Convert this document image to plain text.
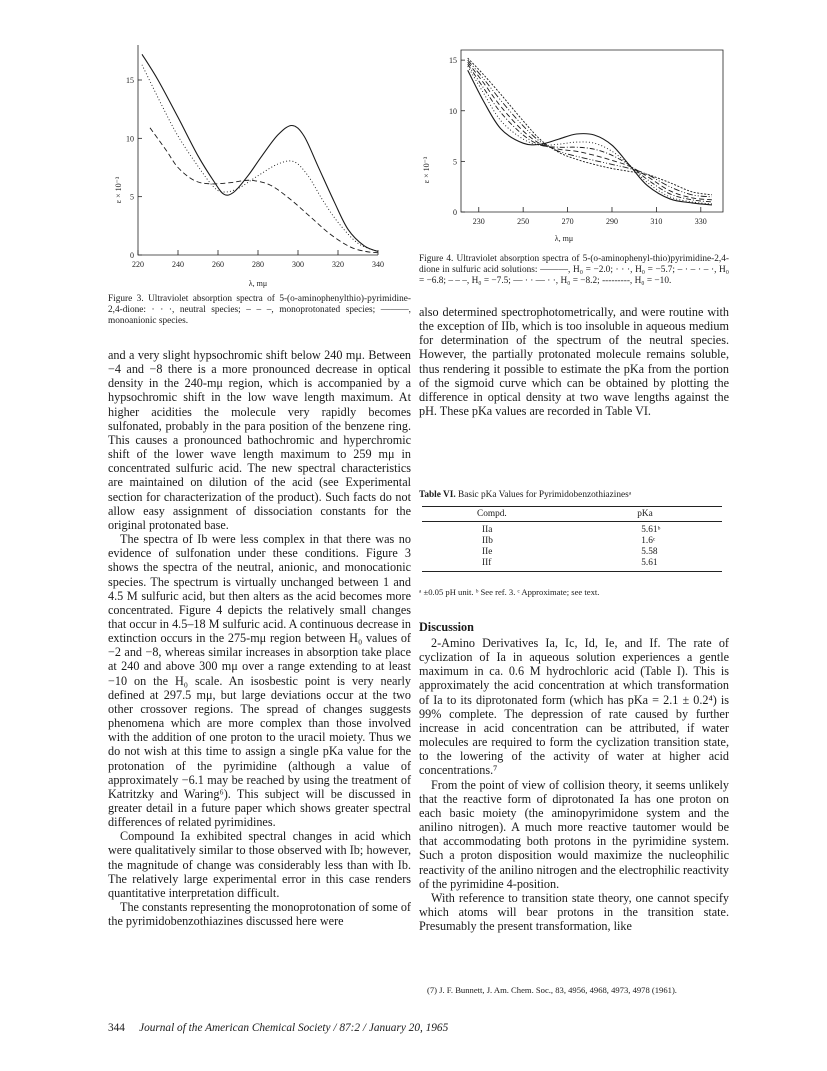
15
10
5
0
220	240	260	280	300	320	340
ε × 10⁻³
λ, mμ
Figure 3. Ultraviolet absorption spectra of 5-(o-aminophenylthio)-pyrimidine-2,4-dione: · · ·, neutral species; – – –, monoprotonated species; ———, monoanionic species.
15
10
5
0
230	250	270	290	310	330
ε × 10⁻³
λ, mμ
Figure 4. Ultraviolet absorption spectra of 5-(o-aminophenyl-thio)pyrimidine-2,4-dione in sulfuric acid solutions: ———, H₀ = −2.0; · · ·, H₀ = −5.7; – · – · – ·, H₀ = −6.8; – – –, H₀ = −7.5; — · · — · ·, H₀ = −8.2; ---------, H₀ = −10.

and a very slight hypsochromic shift below 240 mμ. Between −4 and −8 there is a more pronounced decrease in optical density in the 240-mμ region, which is accompanied by a hypsochromic shift in the low wave length maximum. At higher acidities the molecule very rapidly becomes sulfonated, probably in the para position of the benzene ring. This causes a pronounced bathochromic and hyperchromic shift of the lower wave length maximum to 259 mμ in concentrated sulfuric acid. The new spectral characteristics are maintained on dilution of the acid (see Experimental section for characterization of the product). Such facts do not allow easy assignment of dissociation constants for the original protonated base.

The spectra of Ib were less complex in that there was no evidence of sulfonation under these conditions. Figure 3 shows the spectra of the neutral, anionic, and monocationic species. The spectrum is virtually unchanged between 1 and 4.5 M sulfuric acid, but then alters as the acid becomes more concentrated. Figure 4 depicts the relatively small changes that occur in 4.5–18 M sulfuric acid. A continuous decrease in extinction occurs in the 275-mμ region between H₀ values of −2 and −8, whereas similar increases in absorption take place at 240 and above 300 mμ over a range extending to at least −10 on the H₀ scale. An isosbestic point is very nearly defined at 297.5 mμ, but large deviations occur at the two other crossover regions. The spread of changes suggests phenomena which are more complex than those involved with the addition of one proton to the uracil moiety. Thus we do not wish at this time to assign a single pKa value for the protonation of the pyrimidine (although a value of approximately −6.1 may be reached by using the treatment of Katritzky and Waring⁶). This subject will be discussed in greater detail in a future paper which shows greater spectral differences of related pyrimidines.

Compound Ia exhibited spectral changes in acid which were qualitatively similar to those observed with Ib; however, the magnitude of change was considerably less than with Ib. The relatively large experimental error in this case renders quantitative interpretation difficult.

The constants representing the monoprotonation of some of the pyrimidobenzothiazines discussed here were

also determined spectrophotometrically, and were routine with the exception of IIb, which is too insoluble in aqueous medium for determination of the spectrum of the neutral species. However, the partially protonated molecule remains soluble, thus rendering it possible to estimate the pKa from the portion of the sigmoid curve which can be obtained by plotting the difference in optical density at two wave lengths against the pH. These pKa values are recorded in Table VI.

Table VI. Basic pKa Values for Pyrimidobenzothiazinesᵃ
Compd.	pKa
IIa	5.61ᵇ
IIb	1.6ᶜ
IIe	5.58
IIf	5.61
ᵃ ±0.05 pH unit. ᵇ See ref. 3. ᶜ Approximate; see text.
Discussion

2-Amino Derivatives Ia, Ic, Id, Ie, and If. The rate of cyclization of Ia in aqueous solution experiences a gentle maximum in ca. 0.6 M hydrochloric acid (Table I). This is approximately the acid concentration at which transformation of Ia to its diprotonated form (which has pKa = 2.1 ± 0.2⁴) is 99% complete. The depression of rate caused by further increase in acid concentration can be attributed, if water molecules are required to form the cyclization transition state, to the lowering of the activity of water at higher acid concentrations.⁷

From the point of view of collision theory, it seems unlikely that the reactive form of diprotonated Ia has one proton on each basic moiety (the aminopyrimidone system and the anilino nitrogen). A much more reactive tautomer would be that accommodating both protons in the pyrimidine system. Such a proton disposition would maximize the nucleophilic reactivity of the anilino nitrogen and the electrophilic reactivity of the pyrimidine 4-position.

With reference to transition state theory, one cannot specify which atoms will bear protons in the transition state. Presumably the present transformation, like

(7) J. F. Bunnett, J. Am. Chem. Soc., 83, 4956, 4968, 4973, 4978 (1961).
344 Journal of the American Chemical Society / 87:2 / January 20, 1965
